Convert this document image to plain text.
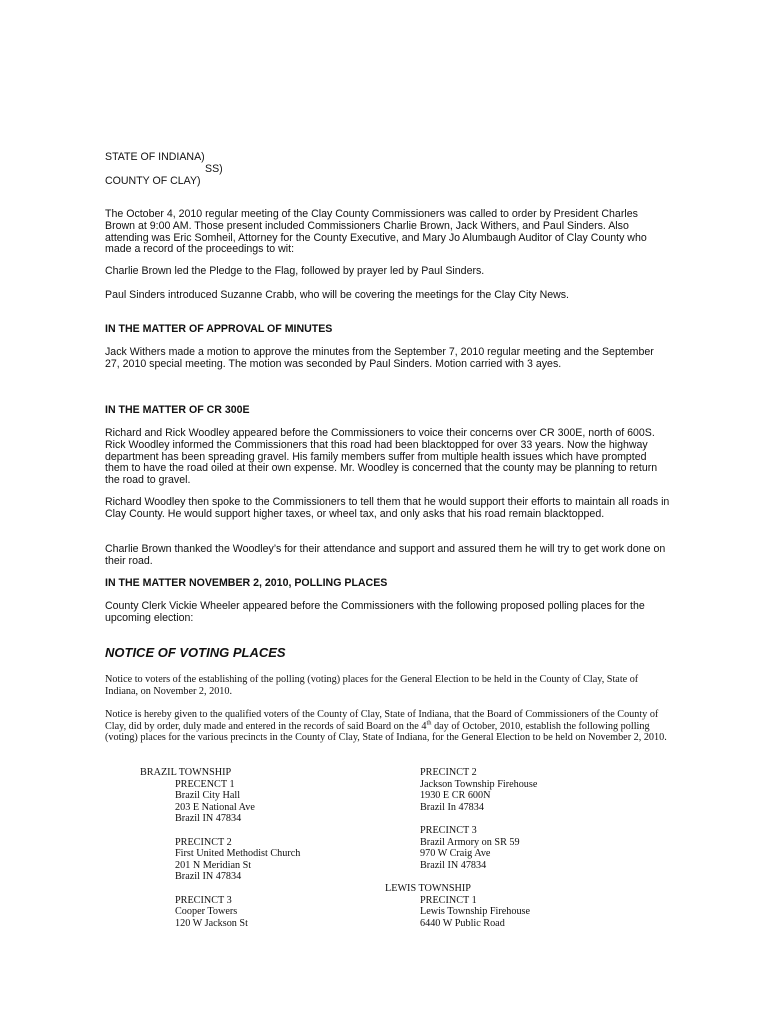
STATE OF INDIANA)
SS)
COUNTY OF CLAY)

The October 4, 2010 regular meeting of the Clay County Commissioners was called to order by President Charles Brown at 9:00 AM. Those present included Commissioners Charlie Brown, Jack Withers, and Paul Sinders. Also attending was Eric Somheil, Attorney for the County Executive, and Mary Jo Alumbaugh Auditor of Clay County who made a record of the proceedings to wit:

Charlie Brown led the Pledge to the Flag, followed by prayer led by Paul Sinders.

Paul Sinders introduced Suzanne Crabb, who will be covering the meetings for the Clay City News.

IN THE MATTER OF APPROVAL OF MINUTES

Jack Withers made a motion to approve the minutes from the September 7, 2010 regular meeting and the September 27, 2010 special meeting. The motion was seconded by Paul Sinders. Motion carried with 3 ayes.

IN THE MATTER OF CR 300E

Richard and Rick Woodley appeared before the Commissioners to voice their concerns over CR 300E, north of 600S. Rick Woodley informed the Commissioners that this road had been blacktopped for over 33 years. Now the highway department has been spreading gravel. His family members suffer from multiple health issues which have prompted them to have the road oiled at their own expense. Mr. Woodley is concerned that the county may be planning to return the road to gravel.

Richard Woodley then spoke to the Commissioners to tell them that he would support their efforts to maintain all roads in Clay County. He would support higher taxes, or wheel tax, and only asks that his road remain blacktopped.

Charlie Brown thanked the Woodley’s for their attendance and support and assured them he will try to get work done on their road.

IN THE MATTER NOVEMBER 2, 2010, POLLING PLACES

County Clerk Vickie Wheeler appeared before the Commissioners with the following proposed polling places for the upcoming election:

NOTICE OF VOTING PLACES

Notice to voters of the establishing of the polling (voting) places for the General Election to be held in the County of Clay, State of Indiana, on November 2, 2010.

Notice is hereby given to the qualified voters of the County of Clay, State of Indiana, that the Board of Commissioners of the County of Clay, did by order, duly made and entered in the records of said Board on the 4th day of October, 2010, establish the following polling (voting) places for the various precincts in the County of Clay, State of Indiana, for the General Election to be held on November 2, 2010.

BRAZIL TOWNSHIP
PRECENCT 1
Brazil City Hall
203 E National Ave
Brazil IN 47834
PRECINCT 2
First United Methodist Church
201 N Meridian St
Brazil IN 47834
PRECINCT 3
Cooper Towers
120 W Jackson St
PRECINCT 2
Jackson Township Firehouse
1930 E CR 600N
Brazil In 47834
PRECINCT 3
Brazil Armory on SR 59
970 W Craig Ave
Brazil IN 47834
LEWIS TOWNSHIP
PRECINCT 1
Lewis Township Firehouse
6440 W Public Road
